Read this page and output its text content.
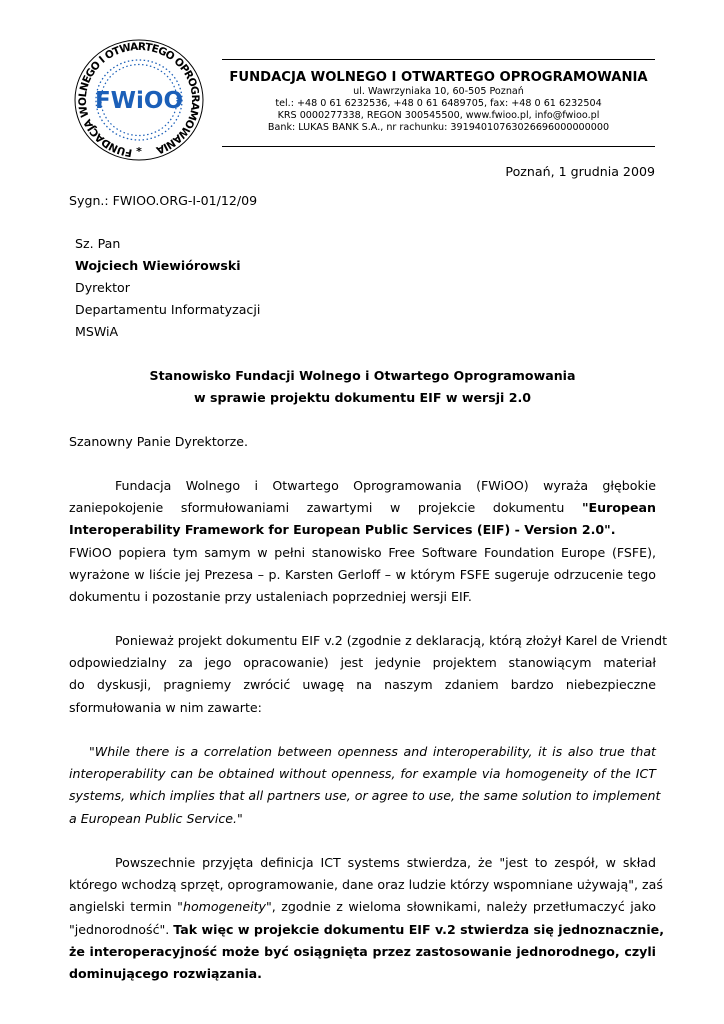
FUNDACJA WOLNEGO I OTWARTEGO OPROGRAMOWANIA
*
FWiOO
FUNDACJA WOLNEGO I OTWARTEGO OPROGRAMOWANIA
ul. Wawrzyniaka 10, 60-505 Poznań
tel.: +48 0 61 6232536, +48 0 61 6489705, fax: +48 0 61 6232504
KRS 0000277338, REGON 300545500, www.fwioo.pl, info@fwioo.pl
Bank: LUKAS BANK S.A., nr rachunku: 39194010763026696000000000
Poznań, 1 grudnia 2009
Sygn.: FWIOO.ORG-I-01/12/09
Sz. Pan
Wojciech Wiewiórowski
Dyrektor
Departamentu Informatyzacji
MSWiA
Stanowisko Fundacji Wolnego i Otwartego Oprogramowania
w sprawie projektu dokumentu EIF w wersji 2.0
Szanowny Panie Dyrektorze.
Fundacja Wolnego i Otwartego Oprogramowania (FWiOO) wyraża głębokie
zaniepokojenie sformułowaniami zawartymi w projekcie dokumentu "European
Interoperability Framework for European Public Services (EIF) - Version 2.0".
FWiOO popiera tym samym w pełni stanowisko Free Software Foundation Europe (FSFE),
wyrażone w liście jej Prezesa – p. Karsten Gerloff – w którym FSFE sugeruje odrzucenie tego
dokumentu i pozostanie przy ustaleniach poprzedniej wersji EIF.
Ponieważ projekt dokumentu EIF v.2 (zgodnie z deklaracją, którą złożył Karel de Vriendt
odpowiedzialny za jego opracowanie) jest jedynie projektem stanowiącym materiał
do dyskusji, pragniemy zwrócić uwagę na naszym zdaniem bardzo niebezpieczne
sformułowania w nim zawarte:
"While there is a correlation between openness and interoperability, it is also true that
interoperability can be obtained without openness, for example via homogeneity of the ICT
systems, which implies that all partners use, or agree to use, the same solution to implement
a European Public Service."
Powszechnie przyjęta definicja ICT systems stwierdza, że "jest to zespół, w skład
którego wchodzą sprzęt, oprogramowanie, dane oraz ludzie którzy wspomniane używają", zaś
angielski termin "homogeneity", zgodnie z wieloma słownikami, należy przetłumaczyć jako
"jednorodność". Tak więc w projekcie dokumentu EIF v.2 stwierdza się jednoznacznie,
że interoperacyjność może być osiągnięta przez zastosowanie jednorodnego, czyli
dominującego rozwiązania.
